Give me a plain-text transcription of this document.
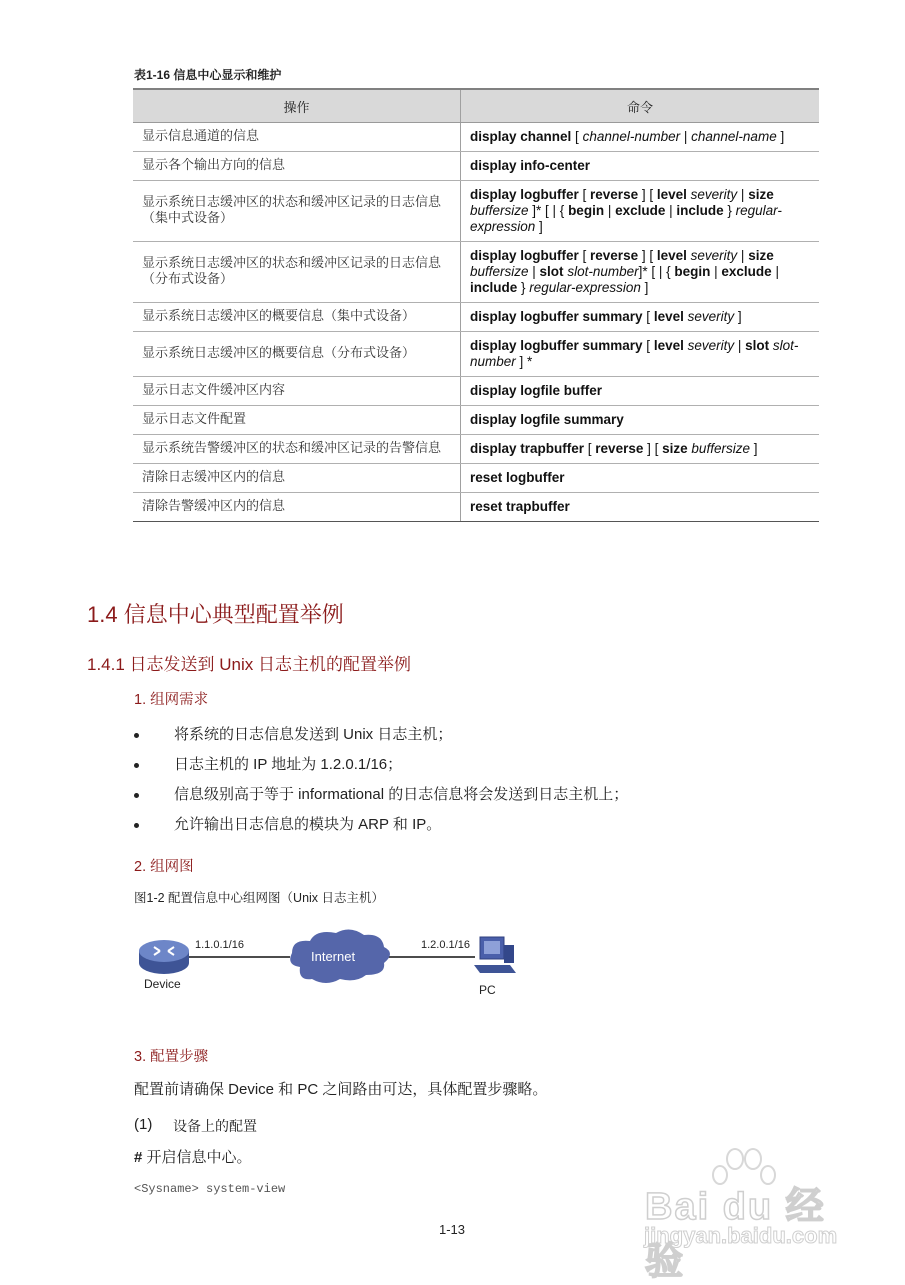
表1-16 信息中心显示和维护
操作	命令
显示信息通道的信息	display channel [ channel-number | channel-name ]
显示各个输出方向的信息	display info-center
显示系统日志缓冲区的状态和缓冲区记录的日志信息（集中式设备）	display logbuffer [ reverse ] [ level severity | size buffersize ]* [ | { begin | exclude | include } regular-expression ]
显示系统日志缓冲区的状态和缓冲区记录的日志信息（分布式设备）	display logbuffer [ reverse ] [ level severity | size buffersize | slot slot-number]* [ | { begin | exclude | include } regular-expression ]
显示系统日志缓冲区的概要信息（集中式设备）	display logbuffer summary [ level severity ]
显示系统日志缓冲区的概要信息（分布式设备）	display logbuffer summary [ level severity | slot slot-number ] *
显示日志文件缓冲区内容	display logfile buffer
显示日志文件配置	display logfile summary
显示系统告警缓冲区的状态和缓冲区记录的告警信息	display trapbuffer [ reverse ] [ size buffersize ]
清除日志缓冲区内的信息	reset logbuffer
清除告警缓冲区内的信息	reset trapbuffer
1.4 信息中心典型配置举例
1.4.1 日志发送到 Unix 日志主机的配置举例
1. 组网需求
将系统的日志信息发送到 Unix 日志主机；
日志主机的 IP 地址为 1.2.0.1/16；
信息级别高于等于 informational 的日志信息将会发送到日志主机上；
允许输出日志信息的模块为 ARP 和 IP。
2. 组网图
图1-2 配置信息中心组网图（Unix 日志主机）
1.1.0.1/16
Device
Internet
1.2.0.1/16
PC
3. 配置步骤
配置前请确保 Device 和 PC 之间路由可达，具体配置步骤略。
(1) 设备上的配置
# 开启信息中心。
<Sysname> system-view
1-13
Bai du 经验
jingyan.baidu.com
